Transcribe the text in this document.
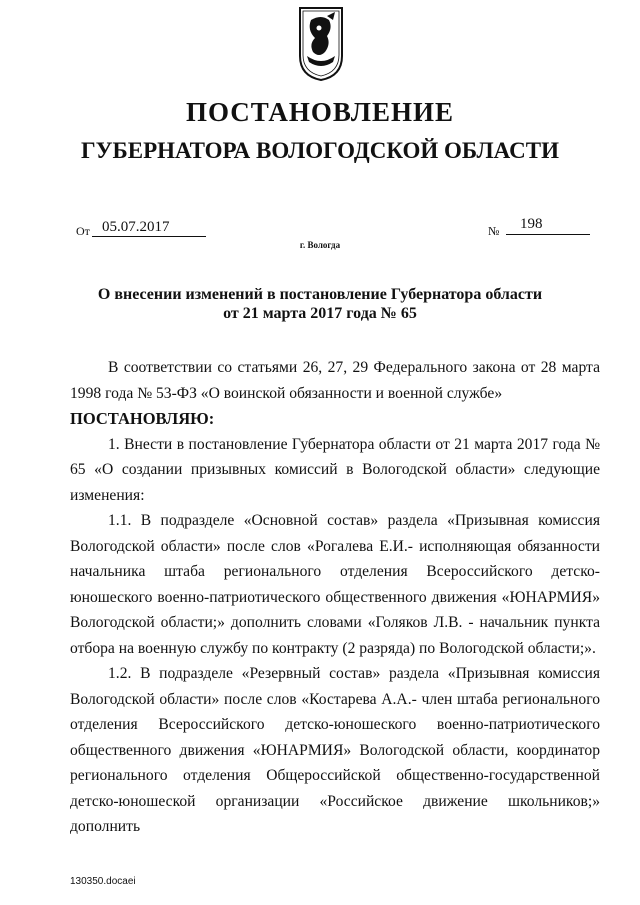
ПОСТАНОВЛЕНИЕ
ГУБЕРНАТОРА ВОЛОГОДСКОЙ ОБЛАСТИ
От 05.07.2017	№	198
г. Вологда
О внесении изменений в постановление Губернатора области
от 21 марта 2017 года № 65

В соответствии со статьями 26, 27, 29 Федерального закона от 28 марта 1998 года № 53-ФЗ «О воинской обязанности и военной службе»

ПОСТАНОВЛЯЮ:

1. Внести в постановление Губернатора области от 21 марта 2017 года № 65 «О создании призывных комиссий в Вологодской области» следующие изменения:

1.1. В подразделе «Основной состав» раздела «Призывная комиссия Вологодской области» после слов «Рогалева Е.И.- исполняющая обязанности начальника штаба регионального отделения Всероссийского детско-юношеского военно-патриотического общественного движения «ЮНАРМИЯ» Вологодской области;» дополнить словами «Голяков Л.В. - начальник пункта отбора на военную службу по контракту (2 разряда) по Вологодской области;».

1.2. В подразделе «Резервный состав» раздела «Призывная комиссия Вологодской области» после слов «Костарева А.А.- член штаба регионального отделения Всероссийского детско-юношеского военно-патриотического общественного движения «ЮНАРМИЯ» Вологодской области, координатор регионального отделения Общероссийской общественно-государственной детско-юношеской организации «Российское движение школьников;» дополнить

130350.docaei
